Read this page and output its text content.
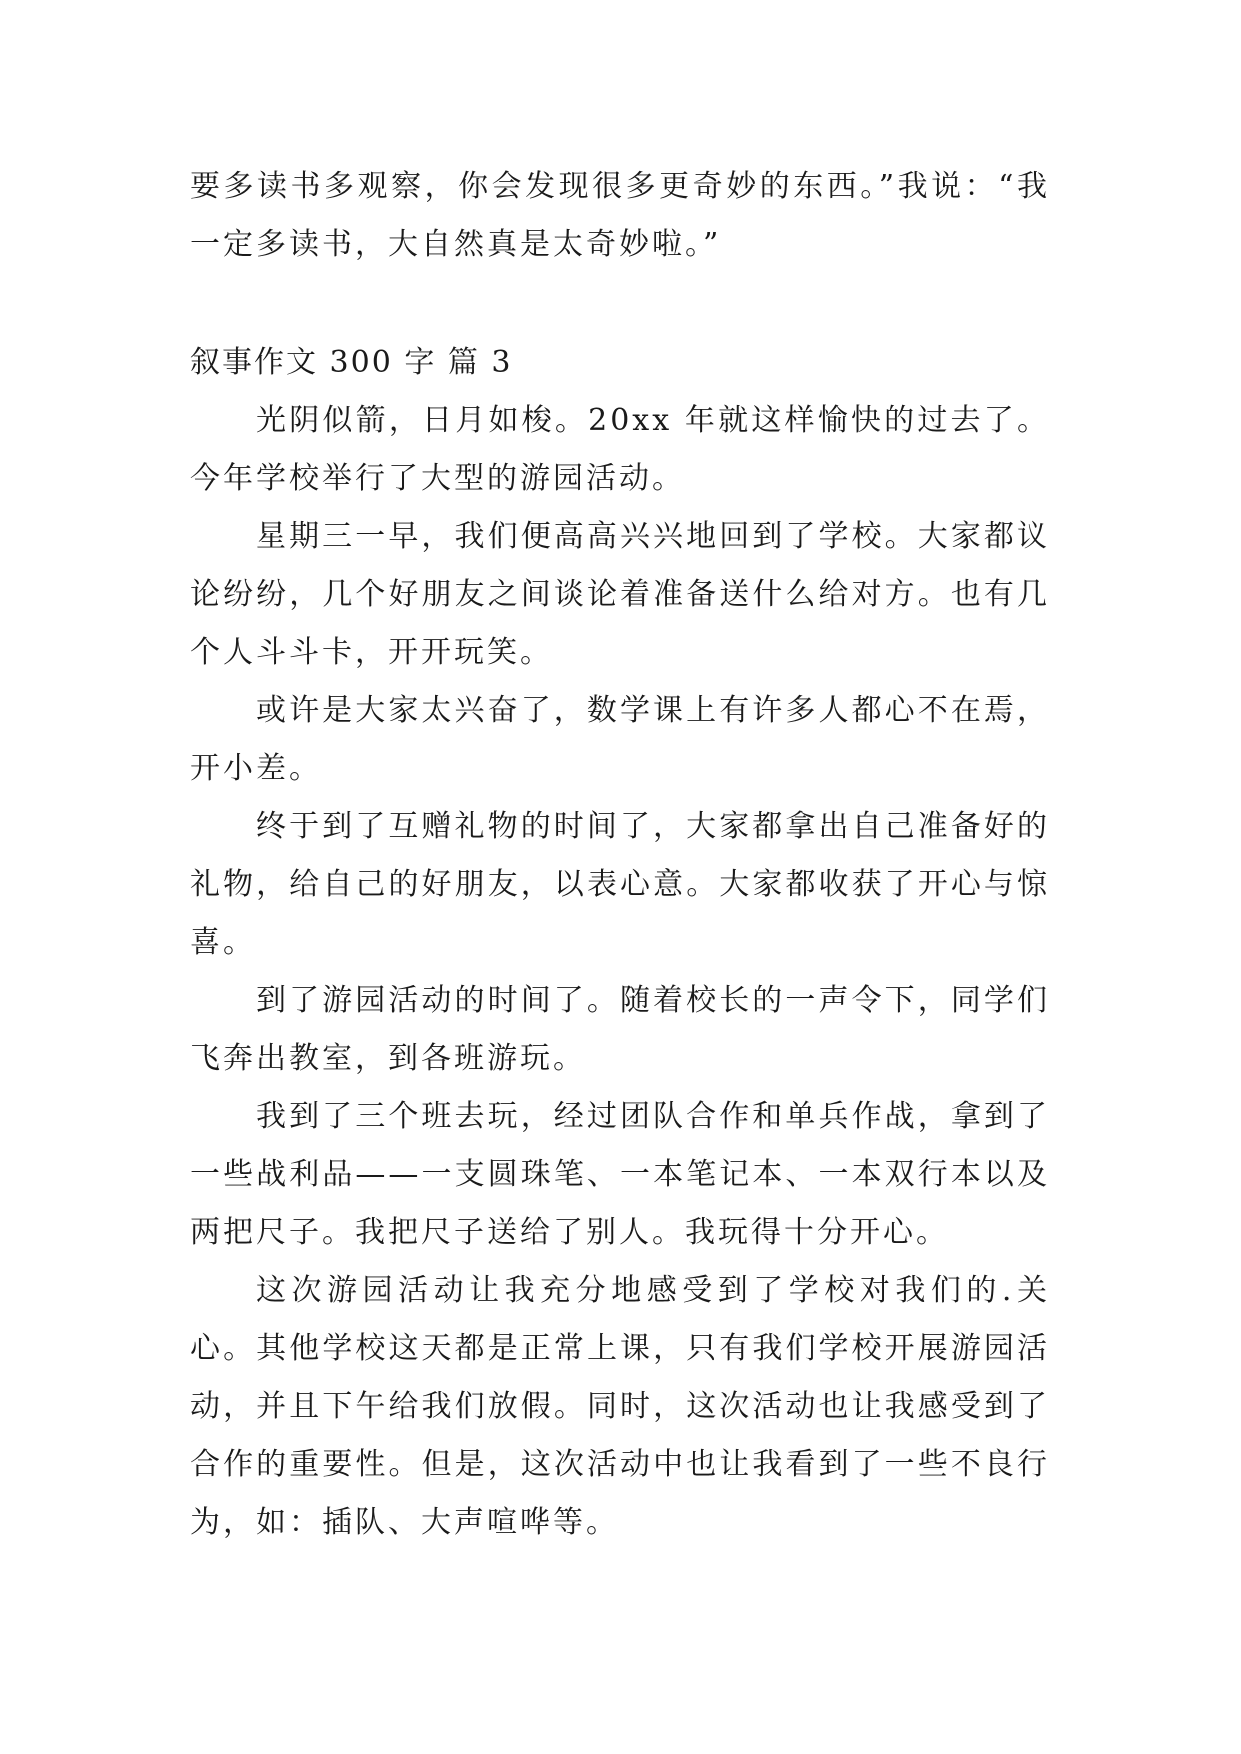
要多读书多观察，你会发现很多更奇妙的东西。”我说：“我一定多读书，大自然真是太奇妙啦。”

叙事作文 300 字 篇 3

光阴似箭，日月如梭。20xx 年就这样愉快的过去了。今年学校举行了大型的游园活动。

星期三一早，我们便高高兴兴地回到了学校。大家都议论纷纷，几个好朋友之间谈论着准备送什么给对方。也有几个人斗斗卡，开开玩笑。

或许是大家太兴奋了，数学课上有许多人都心不在焉，开小差。

终于到了互赠礼物的时间了，大家都拿出自己准备好的礼物，给自己的好朋友，以表心意。大家都收获了开心与惊喜。

到了游园活动的时间了。随着校长的一声令下，同学们飞奔出教室，到各班游玩。

我到了三个班去玩，经过团队合作和单兵作战，拿到了一些战利品——一支圆珠笔、一本笔记本、一本双行本以及两把尺子。我把尺子送给了别人。我玩得十分开心。

这次游园活动让我充分地感受到了学校对我们的.关心。其他学校这天都是正常上课，只有我们学校开展游园活动，并且下午给我们放假。同时，这次活动也让我感受到了合作的重要性。但是，这次活动中也让我看到了一些不良行为，如：插队、大声喧哗等。
